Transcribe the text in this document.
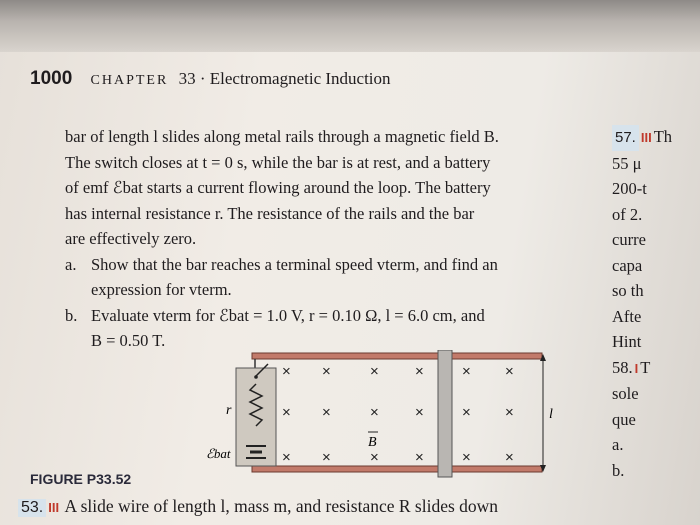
1000 CHAPTER 33 · Electromagnetic Induction

bar of length l slides along metal rails through a magnetic field B.

The switch closes at t = 0 s, while the bar is at rest, and a battery

of emf ℰbat starts a current flowing around the loop. The battery

has internal resistance r. The resistance of the rails and the bar

are effectively zero.

a. Show that the bar reaches a terminal speed vterm, and find an

expression for vterm.

b. Evaluate vterm for ℰbat = 1.0 V, r = 0.10 Ω, l = 6.0 cm, and

B = 0.50 T.

57. III Th

55 μ

200-t

of 2.

curre

capa

so th

Afte

Hint

58. I T

sole

que

a.

b.

× ×	× ×	× ×
× ×	× ×	× ×
× ×	× ×	× ×
r
ℰbat
B
l
FIGURE P33.52
53. III A slide wire of length l, mass m, and resistance R slides down
